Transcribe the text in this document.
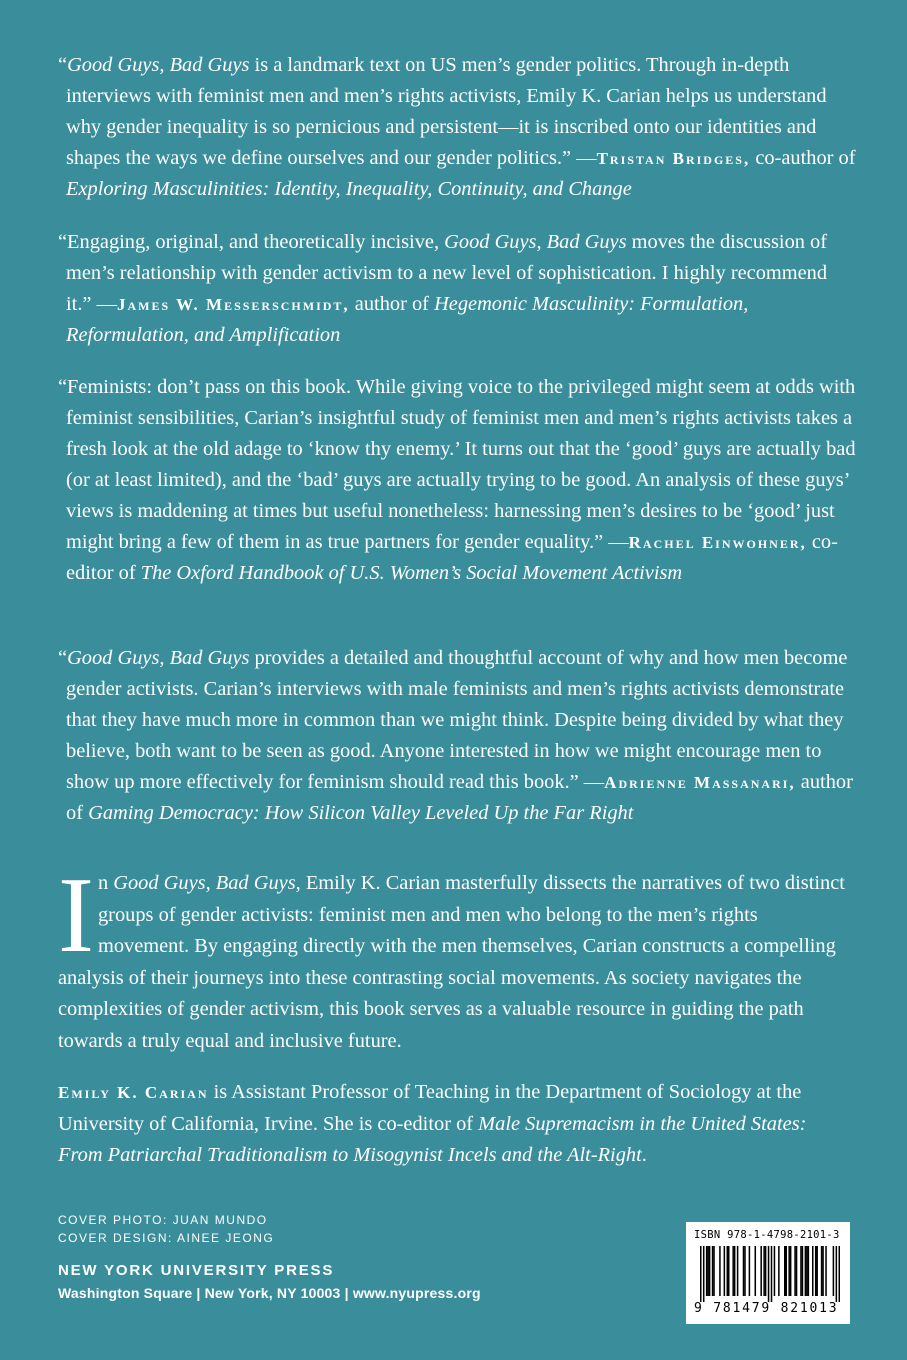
“Good Guys, Bad Guys is a landmark text on US men’s gender politics. Through in-depth interviews with feminist men and men’s rights activists, Emily K. Carian helps us understand why gender inequality is so pernicious and persistent—it is inscribed onto our identities and shapes the ways we define ourselves and our gender politics.” —Tristan Bridges, co-author of Exploring Masculinities: Identity, Inequality, Continuity, and Change
“Engaging, original, and theoretically incisive, Good Guys, Bad Guys moves the discussion of men’s relationship with gender activism to a new level of sophistication. I highly recommend it.” —James W. Messerschmidt, author of Hegemonic Masculinity: Formulation, Reformulation, and Amplification
“Feminists: don’t pass on this book. While giving voice to the privileged might seem at odds with feminist sensibilities, Carian’s insightful study of feminist men and men’s rights activists takes a fresh look at the old adage to ‘know thy enemy.’ It turns out that the ‘good’ guys are actually bad (or at least limited), and the ‘bad’ guys are actually trying to be good. An analysis of these guys’ views is maddening at times but useful nonetheless: harnessing men’s desires to be ‘good’ just might bring a few of them in as true partners for gender equality.” —Rachel Einwohner, co-editor of The Oxford Handbook of U.S. Women’s Social Movement Activism
“Good Guys, Bad Guys provides a detailed and thoughtful account of why and how men become gender activists. Carian’s interviews with male feminists and men’s rights activists demonstrate that they have much more in common than we might think. Despite being divided by what they believe, both want to be seen as good. Anyone interested in how we might encourage men to show up more effectively for feminism should read this book.” —Adrienne Massanari, author of Gaming Democracy: How Silicon Valley Leveled Up the Far Right
In Good Guys, Bad Guys, Emily K. Carian masterfully dissects the narratives of two distinct groups of gender activists: feminist men and men who belong to the men’s rights movement. By engaging directly with the men themselves, Carian constructs a compelling analysis of their journeys into these contrasting social movements. As society navigates the complexities of gender activism, this book serves as a valuable resource in guiding the path towards a truly equal and inclusive future.
Emily K. Carian is Assistant Professor of Teaching in the Department of Sociology at the University of California, Irvine. She is co-editor of Male Supremacism in the United States: From Patriarchal Traditionalism to Misogynist Incels and the Alt-Right.
COVER PHOTO: JUAN MUNDO
COVER DESIGN: AINEE JEONG
NEW YORK UNIVERSITY PRESS
Washington Square | New York, NY 10003 | www.nyupress.org
ISBN 978-1-4798-2101-3
9 781479 821013
